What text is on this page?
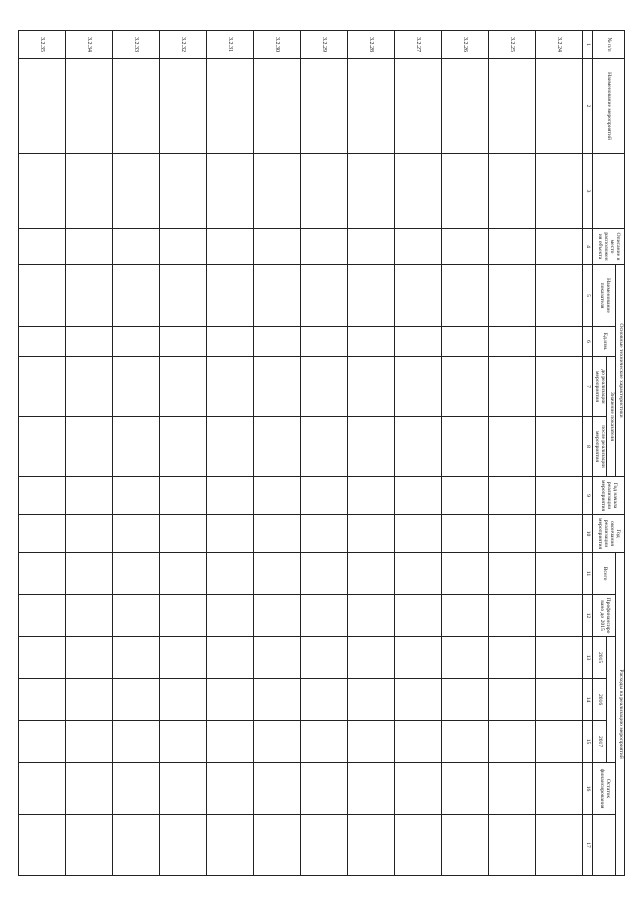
№ п/п	Наименование мероприятий		Описание и место расположения объекта	Основные технические характеристики				Год начала реализации мероприятия	Год окончания реализации мероприятия	Расходы на реализацию мероприятий						
				Наименование показателя	Ед.изм.	Значение показателя				Всего	Профинансировано до 2015				Остаток финансирования	
						до реализации мероприятия	после реализации мероприятия					2015	2016	2017		
1	2	3	4	5	6	7	8	9	10	11	12	13	14	15	16	17
3.2.24																
3.2.25																
3.2.26																
3.2.27																
3.2.28																
3.2.29																
3.2.30																
3.2.31																
3.2.32																
3.2.33																
3.2.34																
3.2.35																
